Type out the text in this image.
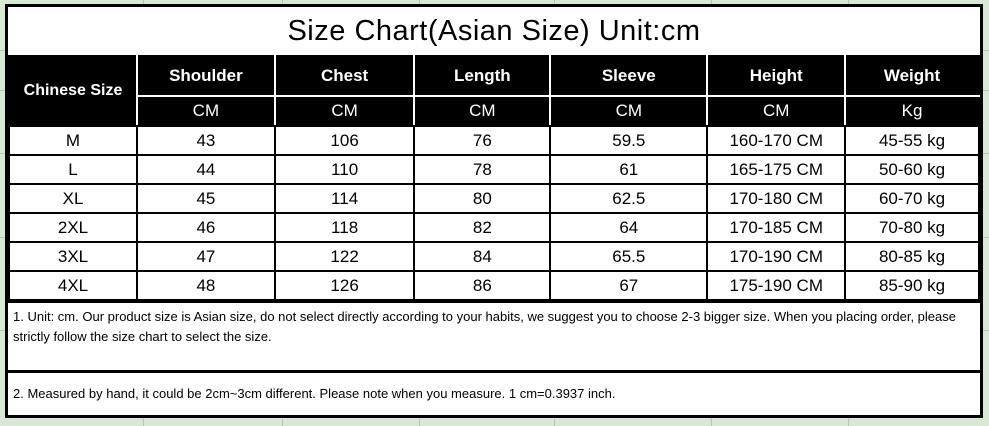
Size Chart(Asian Size) Unit:cm
Chinese Size	Shoulder	Chest	Length	Sleeve	Height	Weight
	CM	CM	CM	CM	CM	Kg
M	43	106	76	59.5	160-170 CM	45-55 kg
L	44	110	78	61	165-175 CM	50-60 kg
XL	45	114	80	62.5	170-180 CM	60-70 kg
2XL	46	118	82	64	170-185 CM	70-80 kg
3XL	47	122	84	65.5	170-190 CM	80-85 kg
4XL	48	126	86	67	175-190 CM	85-90 kg
1. Unit: cm. Our product size is Asian size, do not select directly according to your habits, we suggest you to choose 2-3 bigger size. When you placing order, please strictly follow the size chart to select the size.
2. Measured by hand, it could be 2cm~3cm different. Please note when you measure. 1 cm=0.3937 inch.
